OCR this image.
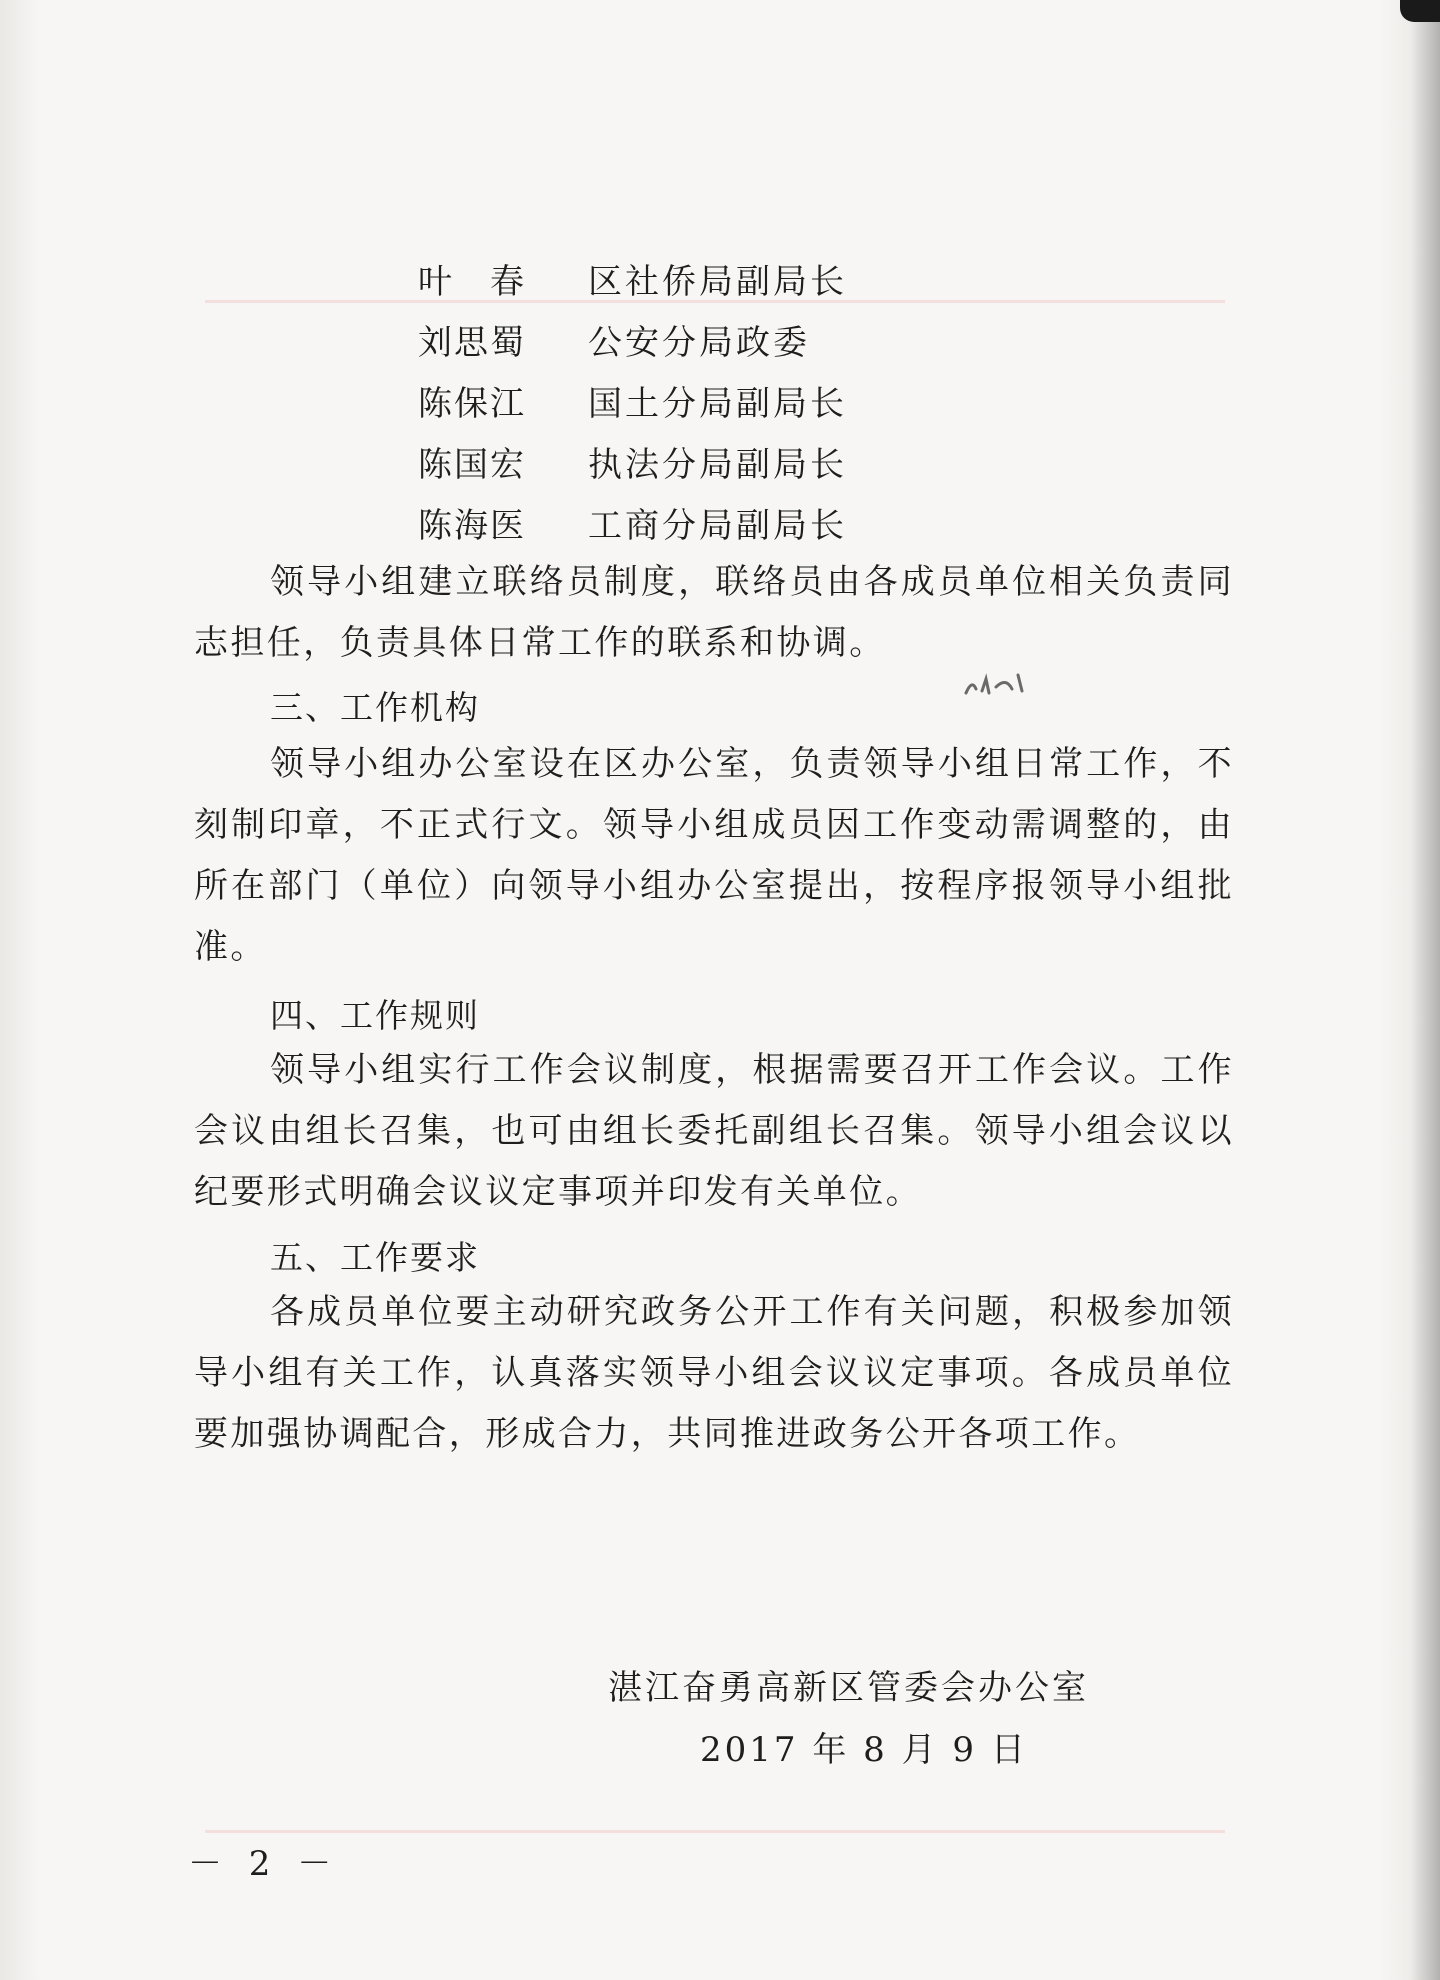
叶　春	区社侨局副局长
刘思蜀	公安分局政委
陈保江	国土分局副局长
陈国宏	执法分局副局长
陈海医	工商分局副局长

领导小组建立联络员制度，联络员由各成员单位相关负责同志担任，负责具体日常工作的联系和协调。

三、工作机构

领导小组办公室设在区办公室，负责领导小组日常工作，不刻制印章，不正式行文。领导小组成员因工作变动需调整的，由所在部门（单位）向领导小组办公室提出，按程序报领导小组批准。

四、工作规则

领导小组实行工作会议制度，根据需要召开工作会议。工作会议由组长召集，也可由组长委托副组长召集。领导小组会议以纪要形式明确会议议定事项并印发有关单位。

五、工作要求

各成员单位要主动研究政务公开工作有关问题，积极参加领导小组有关工作，认真落实领导小组会议议定事项。各成员单位要加强协调配合，形成合力，共同推进政务公开各项工作。

湛江奋勇高新区管委会办公室
2017 年 8 月 9 日
－ 2 －
